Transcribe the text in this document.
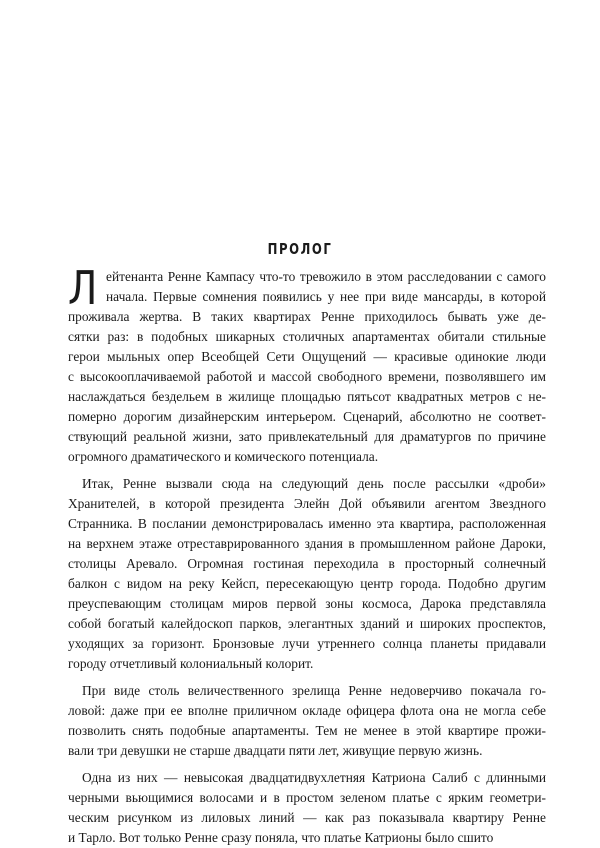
ПРОЛОГ

Л ейтенанта Ренне Кампасу что-то тревожило в этом расследовании с самого
начала. Первые сомнения появились у нее при виде мансарды, в которой
проживала жертва. В таких квартирах Ренне приходилось бывать уже де-
сятки раз: в подобных шикарных столичных апартаментах обитали стильные
герои мыльных опер Всеобщей Сети Ощущений — красивые одинокие люди
с высокооплачиваемой работой и массой свободного времени, позволявшего им
наслаждаться бездельем в жилище площадью пятьсот квадратных метров с не-
померно дорогим дизайнерским интерьером. Сценарий, абсолютно не соответ-
ствующий реальной жизни, зато привлекательный для драматургов по причине
огромного драматического и комического потенциала.

Итак, Ренне вызвали сюда на следующий день после рассылки «дроби»
Хранителей, в которой президента Элейн Дой объявили агентом Звездного
Странника. В послании демонстрировалась именно эта квартира, расположенная
на верхнем этаже отреставрированного здания в промышленном районе Дароки,
столицы Аревало. Огромная гостиная переходила в просторный солнечный
балкон с видом на реку Кейсп, пересекающую центр города. Подобно другим
преуспевающим столицам миров первой зоны космоса, Дарока представляла
собой богатый калейдоскоп парков, элегантных зданий и широких проспектов,
уходящих за горизонт. Бронзовые лучи утреннего солнца планеты придавали
городу отчетливый колониальный колорит.

При виде столь величественного зрелища Ренне недоверчиво покачала го-
ловой: даже при ее вполне приличном окладе офицера флота она не могла себе
позволить снять подобные апартаменты. Тем не менее в этой квартире прожи-
вали три девушки не старше двадцати пяти лет, живущие первую жизнь.

Одна из них — невысокая двадцатидвухлетняя Катриона Салиб с длинными
черными вьющимися волосами и в простом зеленом платье с ярким геометри-
ческим рисунком из лиловых линий — как раз показывала квартиру Ренне
и Тарло. Вот только Ренне сразу поняла, что платье Катрионы было сшито
